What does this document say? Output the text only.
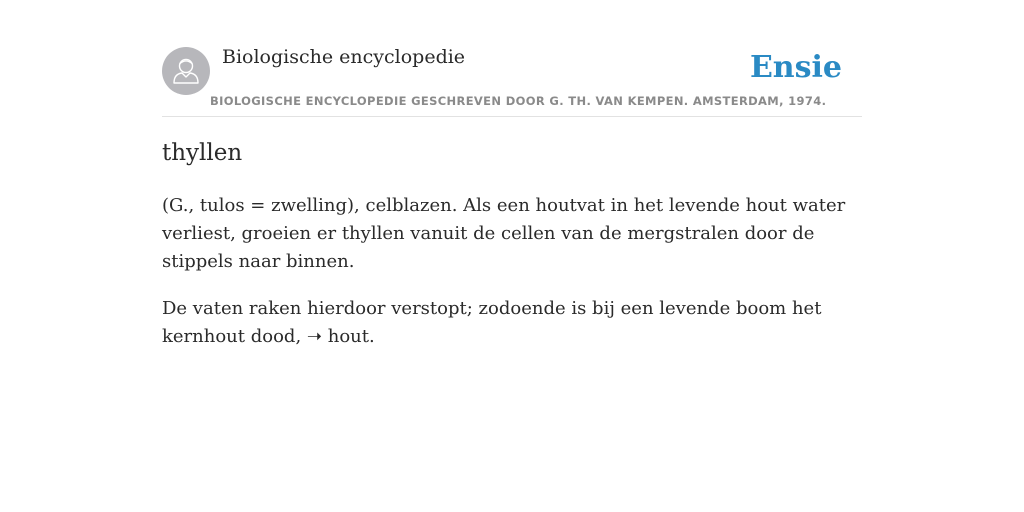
Biologische encyclopedie
BIOLOGISCHE ENCYCLOPEDIE GESCHREVEN DOOR G. TH. VAN KEMPEN. AMSTERDAM, 1974.
Ensie
thyllen

(G., tulos = zwelling), celblazen. Als een houtvat in het levende hout water verliest, groeien er thyllen vanuit de cellen van de mergstralen door de stippels naar binnen.

De vaten raken hierdoor verstopt; zodoende is bij een levende boom het kernhout dood, ➝ hout.
